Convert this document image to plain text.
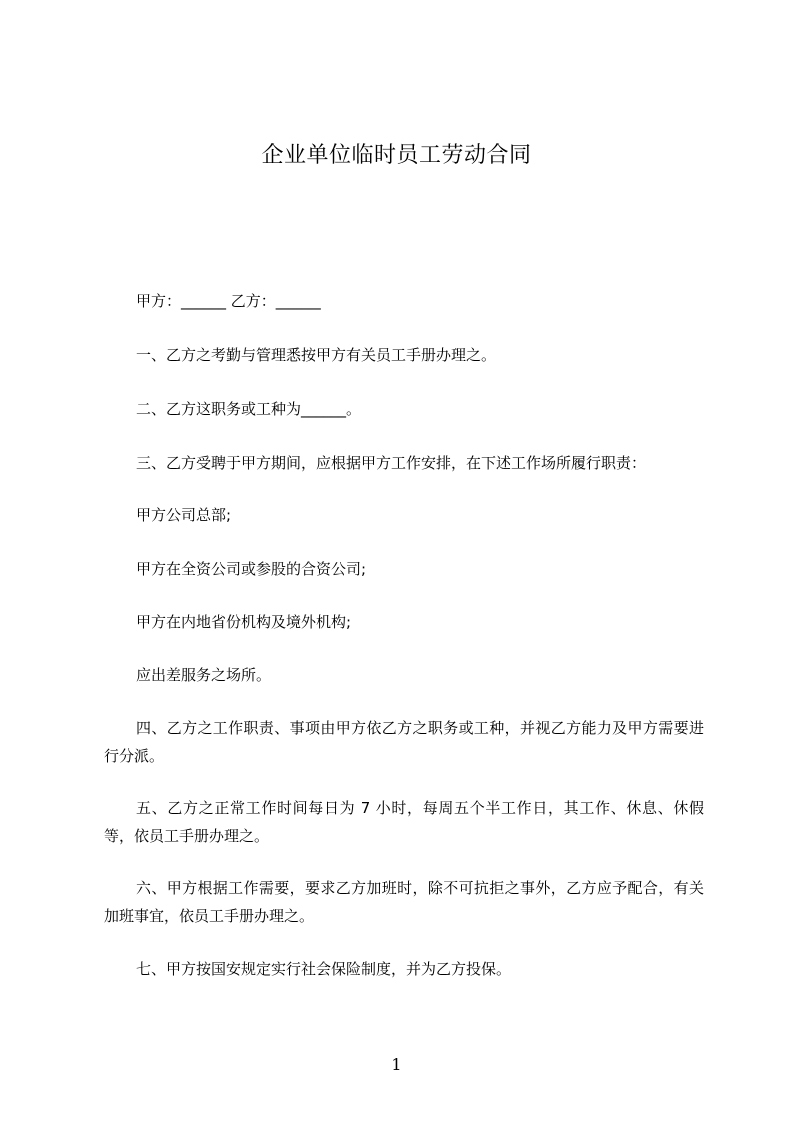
企业单位临时员工劳动合同
甲方：______ 乙方：______
一、乙方之考勤与管理悉按甲方有关员工手册办理之。
二、乙方这职务或工种为______。
三、乙方受聘于甲方期间，应根据甲方工作安排，在下述工作场所履行职责：
甲方公司总部;
甲方在全资公司或参股的合资公司;
甲方在内地省份机构及境外机构;
应出差服务之场所。
四、乙方之工作职责、事项由甲方依乙方之职务或工种，并视乙方能力及甲方需要进行分派。
五、乙方之正常工作时间每日为 7 小时，每周五个半工作日，其工作、休息、休假等，依员工手册办理之。
六、甲方根据工作需要，要求乙方加班时，除不可抗拒之事外，乙方应予配合，有关加班事宜，依员工手册办理之。
七、甲方按国安规定实行社会保险制度，并为乙方投保。
1
